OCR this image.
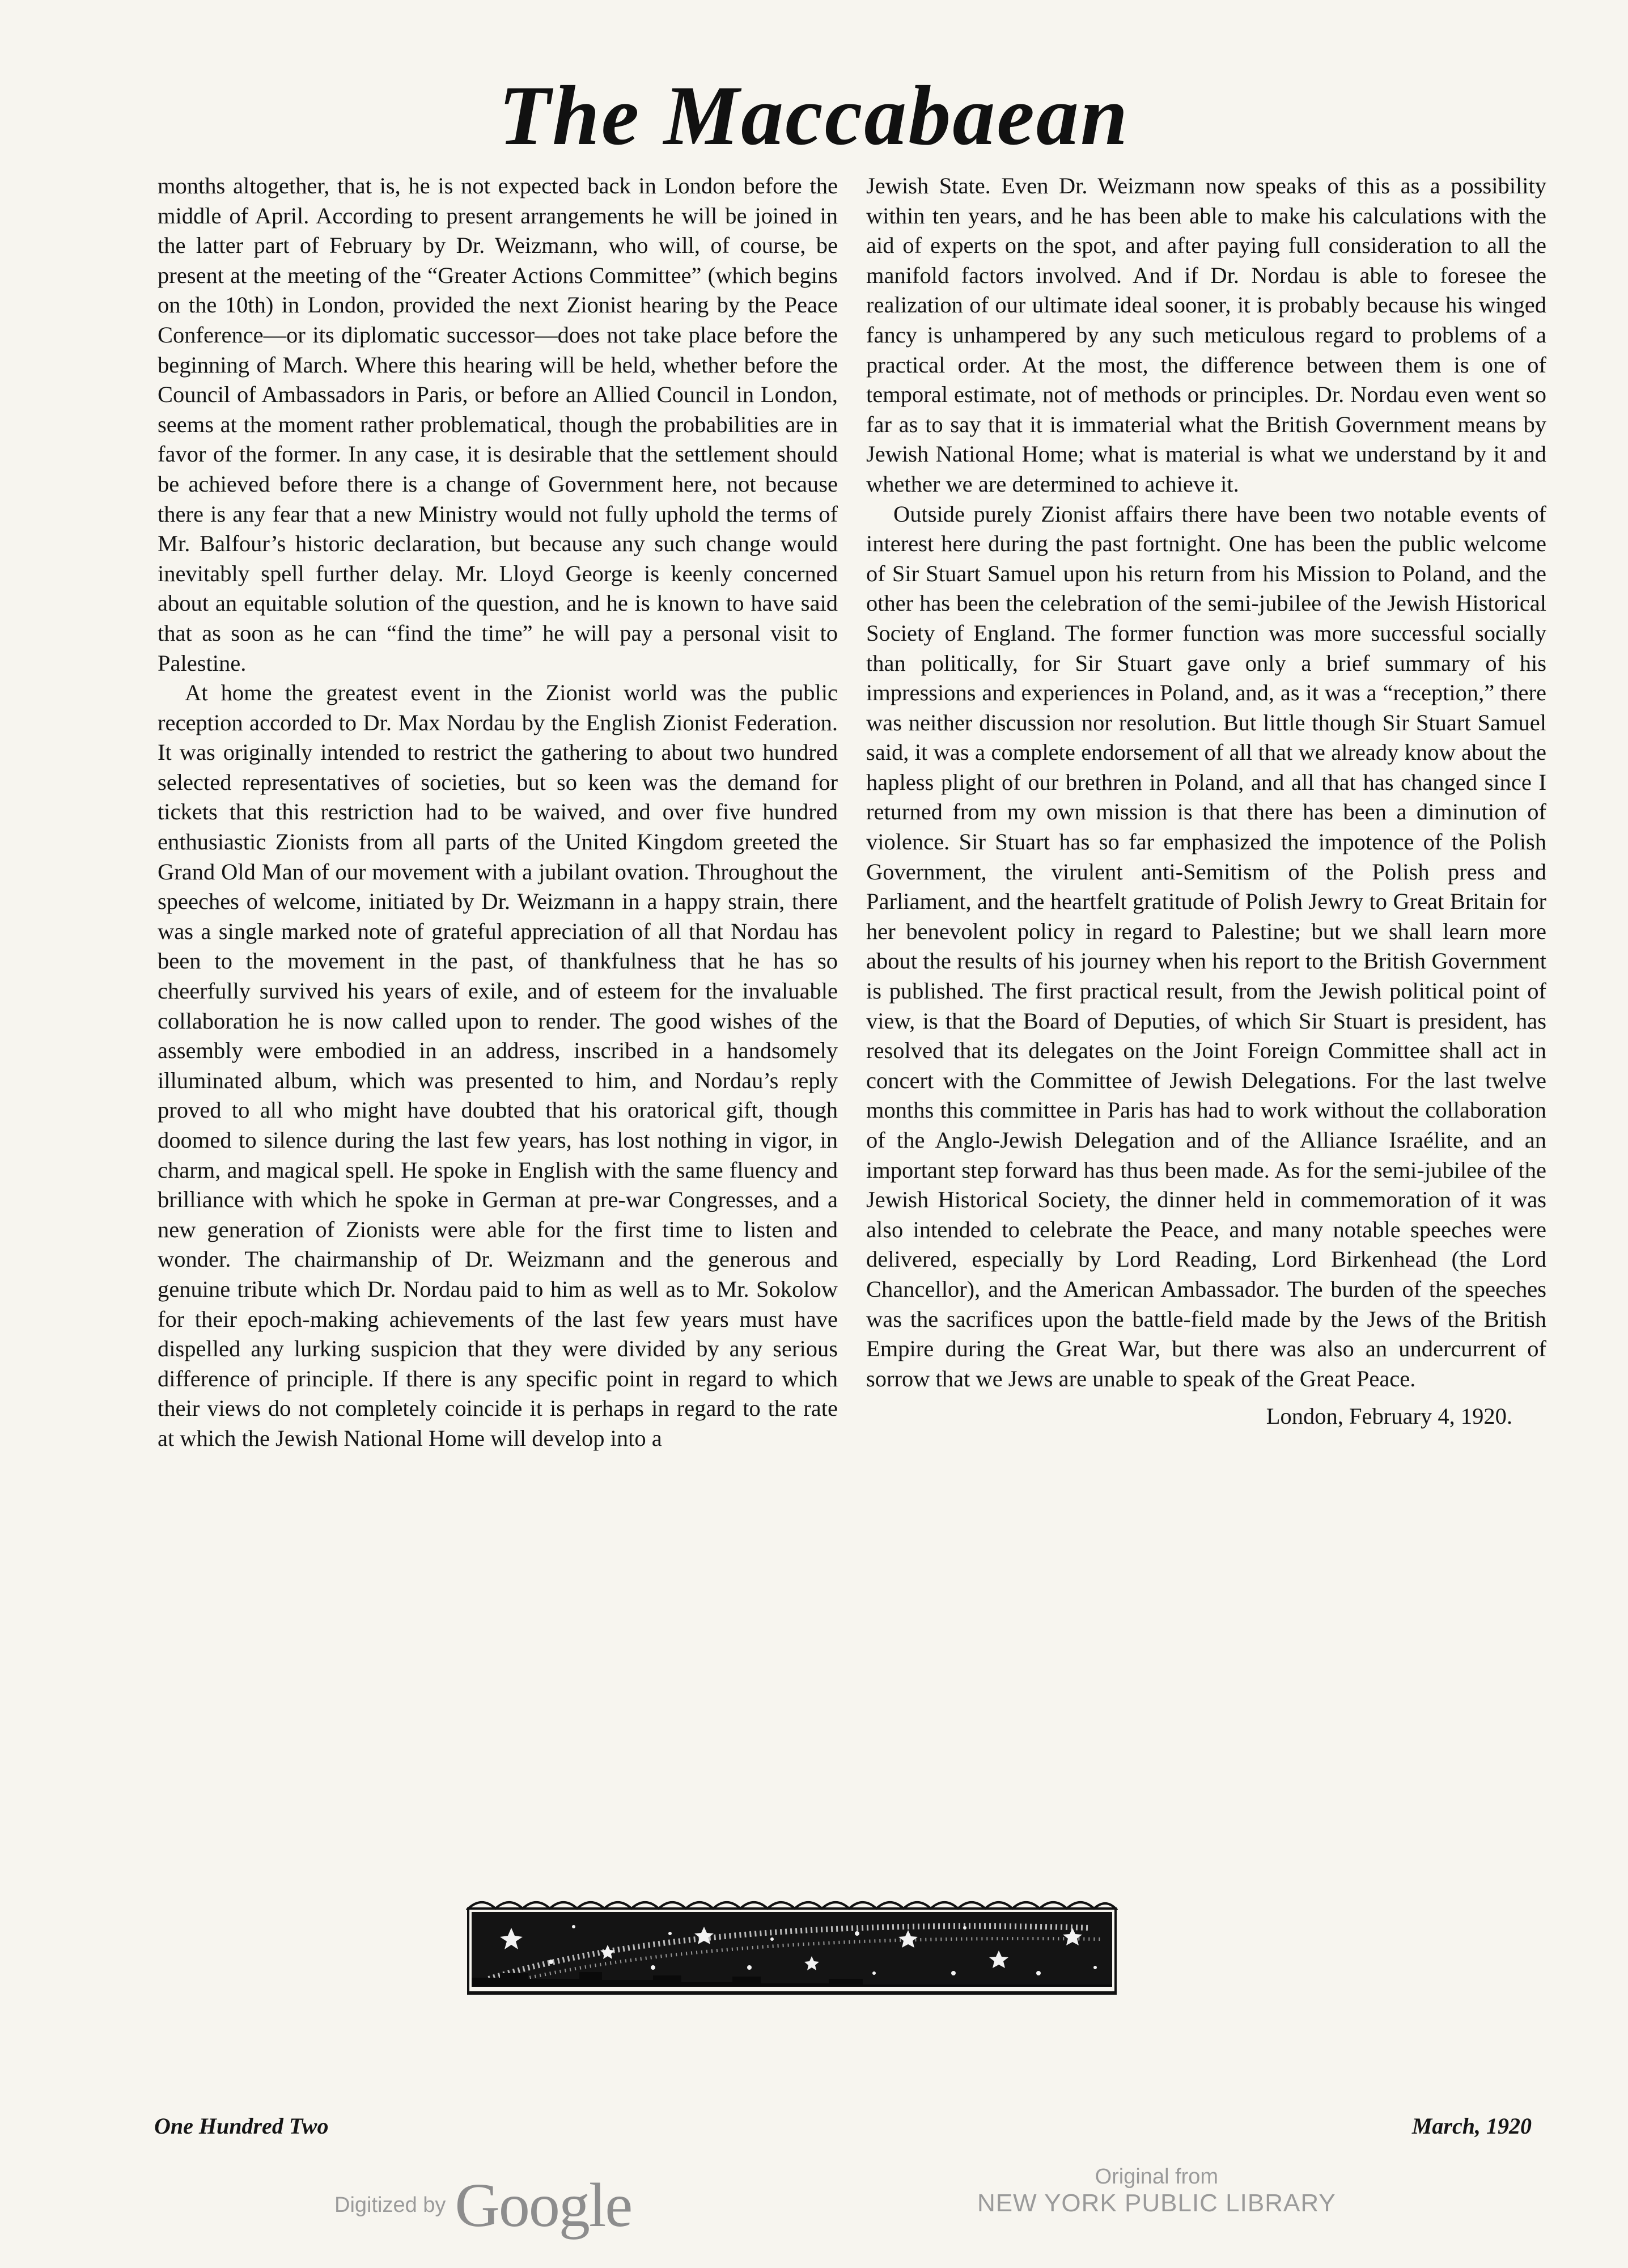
The Maccabaean

months altogether, that is, he is not expected back in London before the middle of April. According to present arrangements he will be joined in the latter part of February by Dr. Weizmann, who will, of course, be present at the meeting of the “Greater Actions Committee” (which begins on the 10th) in London, provided the next Zionist hearing by the Peace Conference—or its diplomatic successor—does not take place before the beginning of March. Where this hearing will be held, whether before the Council of Ambassadors in Paris, or before an Allied Council in London, seems at the moment rather problematical, though the probabilities are in favor of the former. In any case, it is desirable that the settlement should be achieved before there is a change of Government here, not because there is any fear that a new Ministry would not fully uphold the terms of Mr. Balfour’s historic declaration, but because any such change would inevitably spell further delay. Mr. Lloyd George is keenly concerned about an equitable solution of the question, and he is known to have said that as soon as he can “find the time” he will pay a personal visit to Palestine.

At home the greatest event in the Zionist world was the public reception accorded to Dr. Max Nordau by the English Zionist Federation. It was originally intended to restrict the gathering to about two hundred selected representatives of societies, but so keen was the demand for tickets that this restriction had to be waived, and over five hundred enthusiastic Zionists from all parts of the United Kingdom greeted the Grand Old Man of our movement with a jubilant ovation. Throughout the speeches of welcome, initiated by Dr. Weizmann in a happy strain, there was a single marked note of grateful appreciation of all that Nordau has been to the movement in the past, of thankfulness that he has so cheerfully survived his years of exile, and of esteem for the invaluable collaboration he is now called upon to render. The good wishes of the assembly were embodied in an address, inscribed in a handsomely illuminated album, which was presented to him, and Nordau’s reply proved to all who might have doubted that his oratorical gift, though doomed to silence during the last few years, has lost nothing in vigor, in charm, and magical spell. He spoke in English with the same fluency and brilliance with which he spoke in German at pre-war Congresses, and a new generation of Zionists were able for the first time to listen and wonder. The chairmanship of Dr. Weizmann and the generous and genuine tribute which Dr. Nordau paid to him as well as to Mr. Sokolow for their epoch-making achievements of the last few years must have dispelled any lurking suspicion that they were divided by any serious difference of principle. If there is any specific point in regard to which their views do not completely coincide it is perhaps in regard to the rate at which the Jewish National Home will develop into a

Jewish State. Even Dr. Weizmann now speaks of this as a possibility within ten years, and he has been able to make his calculations with the aid of experts on the spot, and after paying full consideration to all the manifold factors involved. And if Dr. Nordau is able to foresee the realization of our ultimate ideal sooner, it is probably because his winged fancy is unhampered by any such meticulous regard to problems of a practical order. At the most, the difference between them is one of temporal estimate, not of methods or principles. Dr. Nordau even went so far as to say that it is immaterial what the British Government means by Jewish National Home; what is material is what we understand by it and whether we are determined to achieve it.

Outside purely Zionist affairs there have been two notable events of interest here during the past fortnight. One has been the public welcome of Sir Stuart Samuel upon his return from his Mission to Poland, and the other has been the celebration of the semi-jubilee of the Jewish Historical Society of England. The former function was more successful socially than politically, for Sir Stuart gave only a brief summary of his impressions and experiences in Poland, and, as it was a “reception,” there was neither discussion nor resolution. But little though Sir Stuart Samuel said, it was a complete endorsement of all that we already know about the hapless plight of our brethren in Poland, and all that has changed since I returned from my own mission is that there has been a diminution of violence. Sir Stuart has so far emphasized the impotence of the Polish Government, the virulent anti-Semitism of the Polish press and Parliament, and the heartfelt gratitude of Polish Jewry to Great Britain for her benevolent policy in regard to Palestine; but we shall learn more about the results of his journey when his report to the British Government is published. The first practical result, from the Jewish political point of view, is that the Board of Deputies, of which Sir Stuart is president, has resolved that its delegates on the Joint Foreign Committee shall act in concert with the Committee of Jewish Delegations. For the last twelve months this committee in Paris has had to work without the collaboration of the Anglo-Jewish Delegation and of the Alliance Israélite, and an important step forward has thus been made. As for the semi-jubilee of the Jewish Historical Society, the dinner held in commemoration of it was also intended to celebrate the Peace, and many notable speeches were delivered, especially by Lord Reading, Lord Birkenhead (the Lord Chancellor), and the American Ambassador. The burden of the speeches was the sacrifices upon the battle-field made by the Jews of the British Empire during the Great War, but there was also an undercurrent of sorrow that we Jews are unable to speak of the Great Peace.

London, February 4, 1920.

One Hundred Two	March, 1920
Digitized by Google	Original from
NEW YORK PUBLIC LIBRARY
